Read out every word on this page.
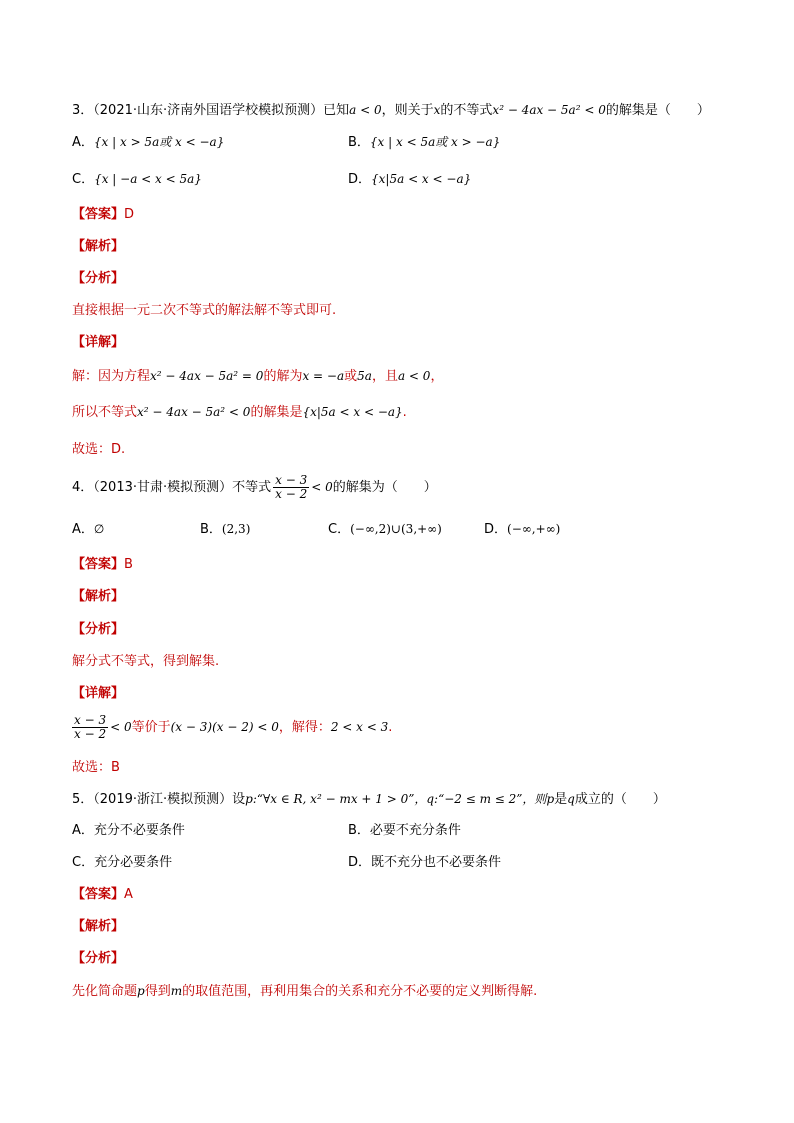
3．（2021·山东·济南外国语学校模拟预测）已知a < 0，则关于x的不等式x² − 4ax − 5a² < 0的解集是（　　）
A．{x | x > 5a或 x < −a}	B．{x | x < 5a或 x > −a}
C．{x | −a < x < 5a}	D．{x|5a < x < −a}
【答案】D
【解析】
【分析】
直接根据一元二次不等式的解法解不等式即可.
【详解】
解：因为方程x² − 4ax − 5a² = 0的解为x = −a或5a，且a < 0，
所以不等式x² − 4ax − 5a² < 0的解集是{x|5a < x < −a}.
故选：D.
4．（2013·甘肃·模拟预测）不等式 $\frac{x - 3}{x - 2} < 0$的解集为（　　）
A．∅	B．(2,3)	C．(−∞,2)∪(3,+∞)	D．(−∞,+∞)
【答案】B
【解析】
【分析】
解分式不等式，得到解集.
【详解】
$\frac{x - 3}{x - 2} < 0$等价于(x − 3)(x − 2) < 0，解得：2 < x < 3.
故选：B
5．（2019·浙江·模拟预测）设p:“∀x ∈ R, x² − mx + 1 > 0”，q:“−2 ≤ m ≤ 2”，则p是q成立的（　　）
A．充分不必要条件	B．必要不充分条件
C．充分必要条件	D．既不充分也不必要条件
【答案】A
【解析】
【分析】
先化简命题p得到m的取值范围，再利用集合的关系和充分不必要的定义判断得解.
